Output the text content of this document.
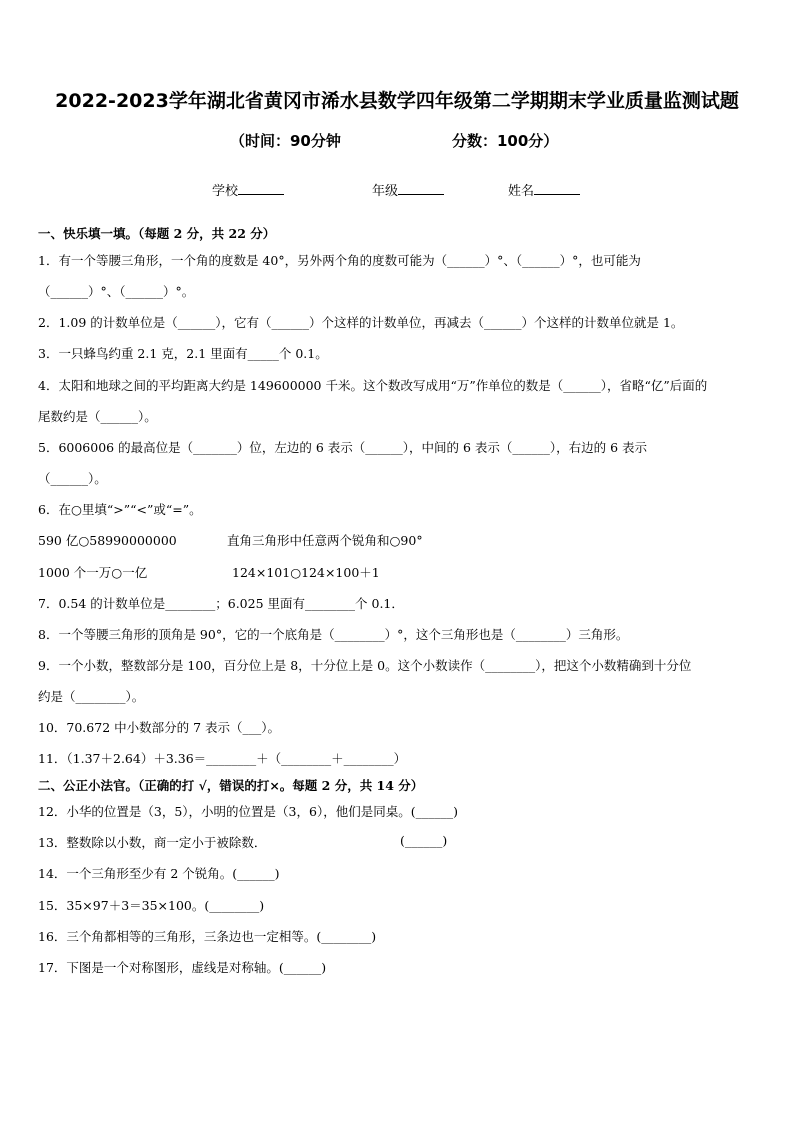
2022-2023学年湖北省黄冈市浠水县数学四年级第二学期期末学业质量监测试题
（时间：90分钟	分数：100分）
学校	年级	姓名
一、快乐填一填。（每题 2 分，共 22 分）
1．有一个等腰三角形，一个角的度数是 40°，另外两个角的度数可能为（______）°、（______）°，也可能为
（______）°、（______）°。
2．1.09 的计数单位是（______），它有（______）个这样的计数单位，再减去（______）个这样的计数单位就是 1。
3．一只蜂鸟约重 2.1 克，2.1 里面有_____个 0.1。
4．太阳和地球之间的平均距离大约是 149600000 千米。这个数改写成用“万”作单位的数是（______），省略“亿”后面的
尾数约是（______）。
5．6006006 的最高位是（_______）位，左边的 6 表示（______），中间的 6 表示（______），右边的 6 表示
（______）。
6．在○里填“>”“<”或“=”。
590 亿○58990000000	直角三角形中任意两个锐角和○90°
1000 个一万○一亿	124×101○124×100＋1
7．0.54 的计数单位是________；6.025 里面有________个 0.1．
8．一个等腰三角形的顶角是 90°，它的一个底角是（________）°，这个三角形也是（________）三角形。
9．一个小数，整数部分是 100，百分位上是 8，十分位上是 0。这个小数读作（________），把这个小数精确到十分位
约是（________）。
10．70.672 中小数部分的 7 表示（___）。
11．（1.37＋2.64）＋3.36＝________＋（________＋________）
二、公正小法官。（正确的打 √，错误的打×。每题 2 分，共 14 分）
12．小华的位置是（3，5），小明的位置是（3，6），他们是同桌。(______)
13．整数除以小数，商一定小于被除数．	(______)
14．一个三角形至少有 2 个锐角。(______)
15．35×97＋3＝35×100。(________)
16．三个角都相等的三角形，三条边也一定相等。(________)
17．下图是一个对称图形，虚线是对称轴。(______)
